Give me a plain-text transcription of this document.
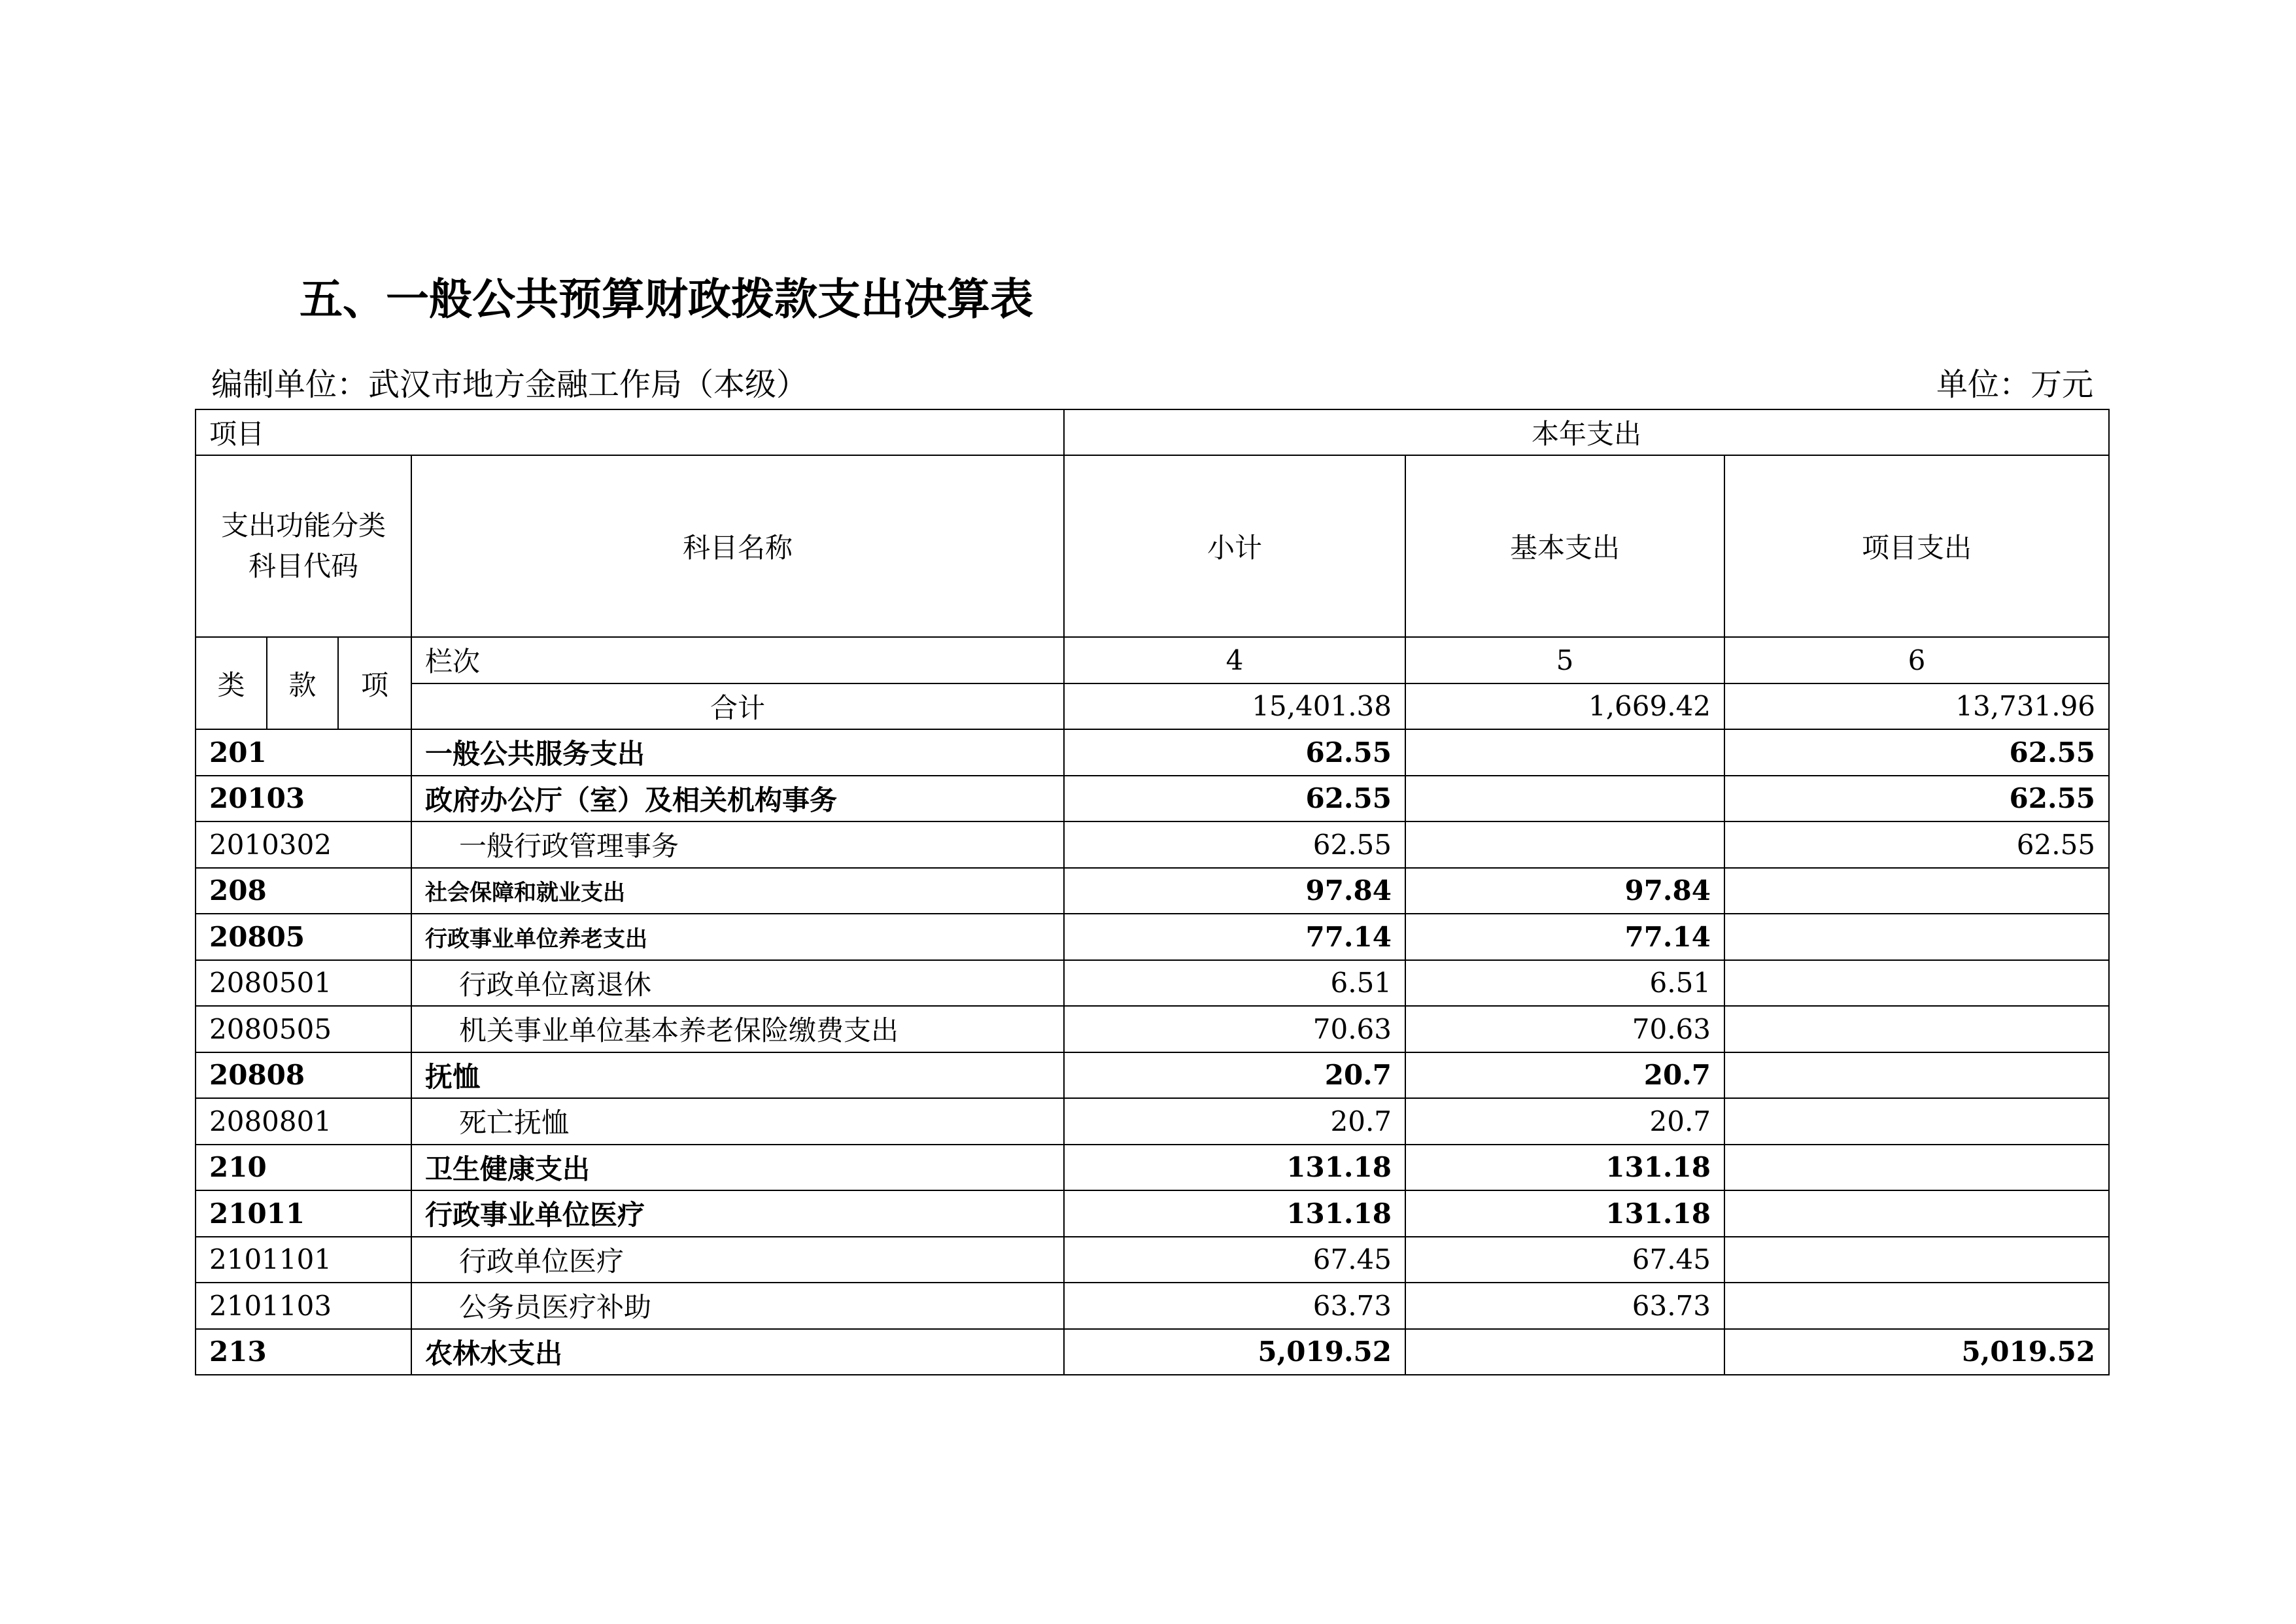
五、一般公共预算财政拨款支出决算表
编制单位：武汉市地方金融工作局（本级）	单位：万元
项目				本年支出		

支出功能分类
科目代码			科目名称	小计	基本支出	项目支出
类	款	项	栏次	4	5	6
			合计	15,401.38	1,669.42	13,731.96
201			一般公共服务支出	62.55		62.55
20103			政府办公厅（室）及相关机构事务	62.55		62.55
2010302			一般行政管理事务	62.55		62.55
208			社会保障和就业支出	97.84	97.84	
20805			行政事业单位养老支出	77.14	77.14	
2080501			行政单位离退休	6.51	6.51	
2080505			机关事业单位基本养老保险缴费支出	70.63	70.63	
20808			抚恤	20.7	20.7	
2080801			死亡抚恤	20.7	20.7	
210			卫生健康支出	131.18	131.18	
21011			行政事业单位医疗	131.18	131.18	
2101101			行政单位医疗	67.45	67.45	
2101103			公务员医疗补助	63.73	63.73	
213			农林水支出	5,019.52		5,019.52
